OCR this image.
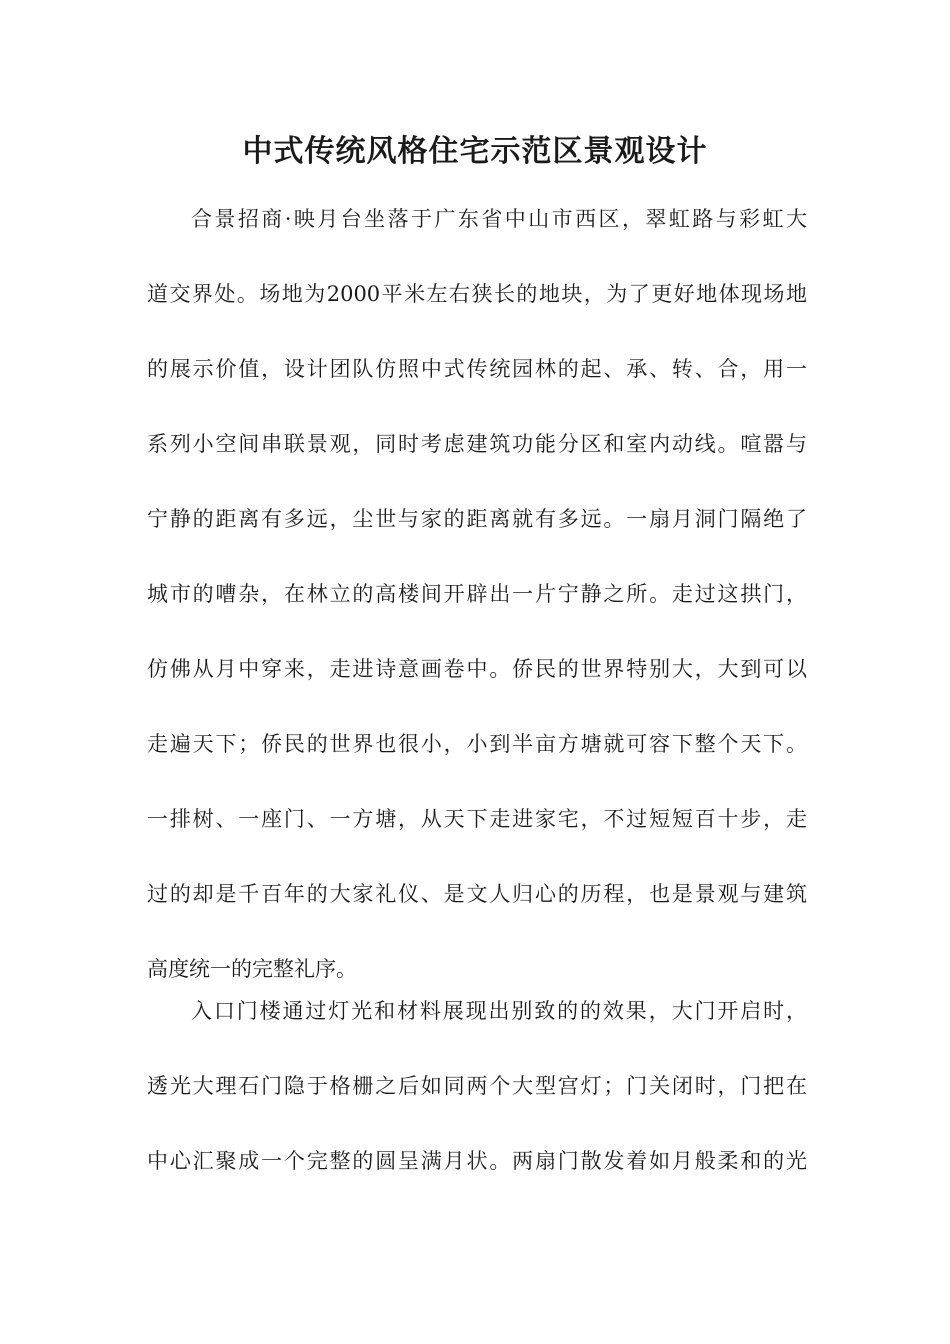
中式传统风格住宅示范区景观设计
合景招商·映月台坐落于广东省中山市西区，翠虹路与彩虹大
道交界处。场地为2000平米左右狭长的地块，为了更好地体现场地
的展示价值，设计团队仿照中式传统园林的起、承、转、合，用一
系列小空间串联景观，同时考虑建筑功能分区和室内动线。喧嚣与
宁静的距离有多远，尘世与家的距离就有多远。一扇月洞门隔绝了
城市的嘈杂，在林立的高楼间开辟出一片宁静之所。走过这拱门，
仿佛从月中穿来，走进诗意画卷中。侨民的世界特别大，大到可以
走遍天下；侨民的世界也很小，小到半亩方塘就可容下整个天下。
一排树、一座门、一方塘，从天下走进家宅，不过短短百十步，走
过的却是千百年的大家礼仪、是文人归心的历程，也是景观与建筑
高度统一的完整礼序。
入口门楼通过灯光和材料展现出别致的的效果，大门开启时，
透光大理石门隐于格栅之后如同两个大型宫灯；门关闭时，门把在
中心汇聚成一个完整的圆呈满月状。两扇门散发着如月般柔和的光
